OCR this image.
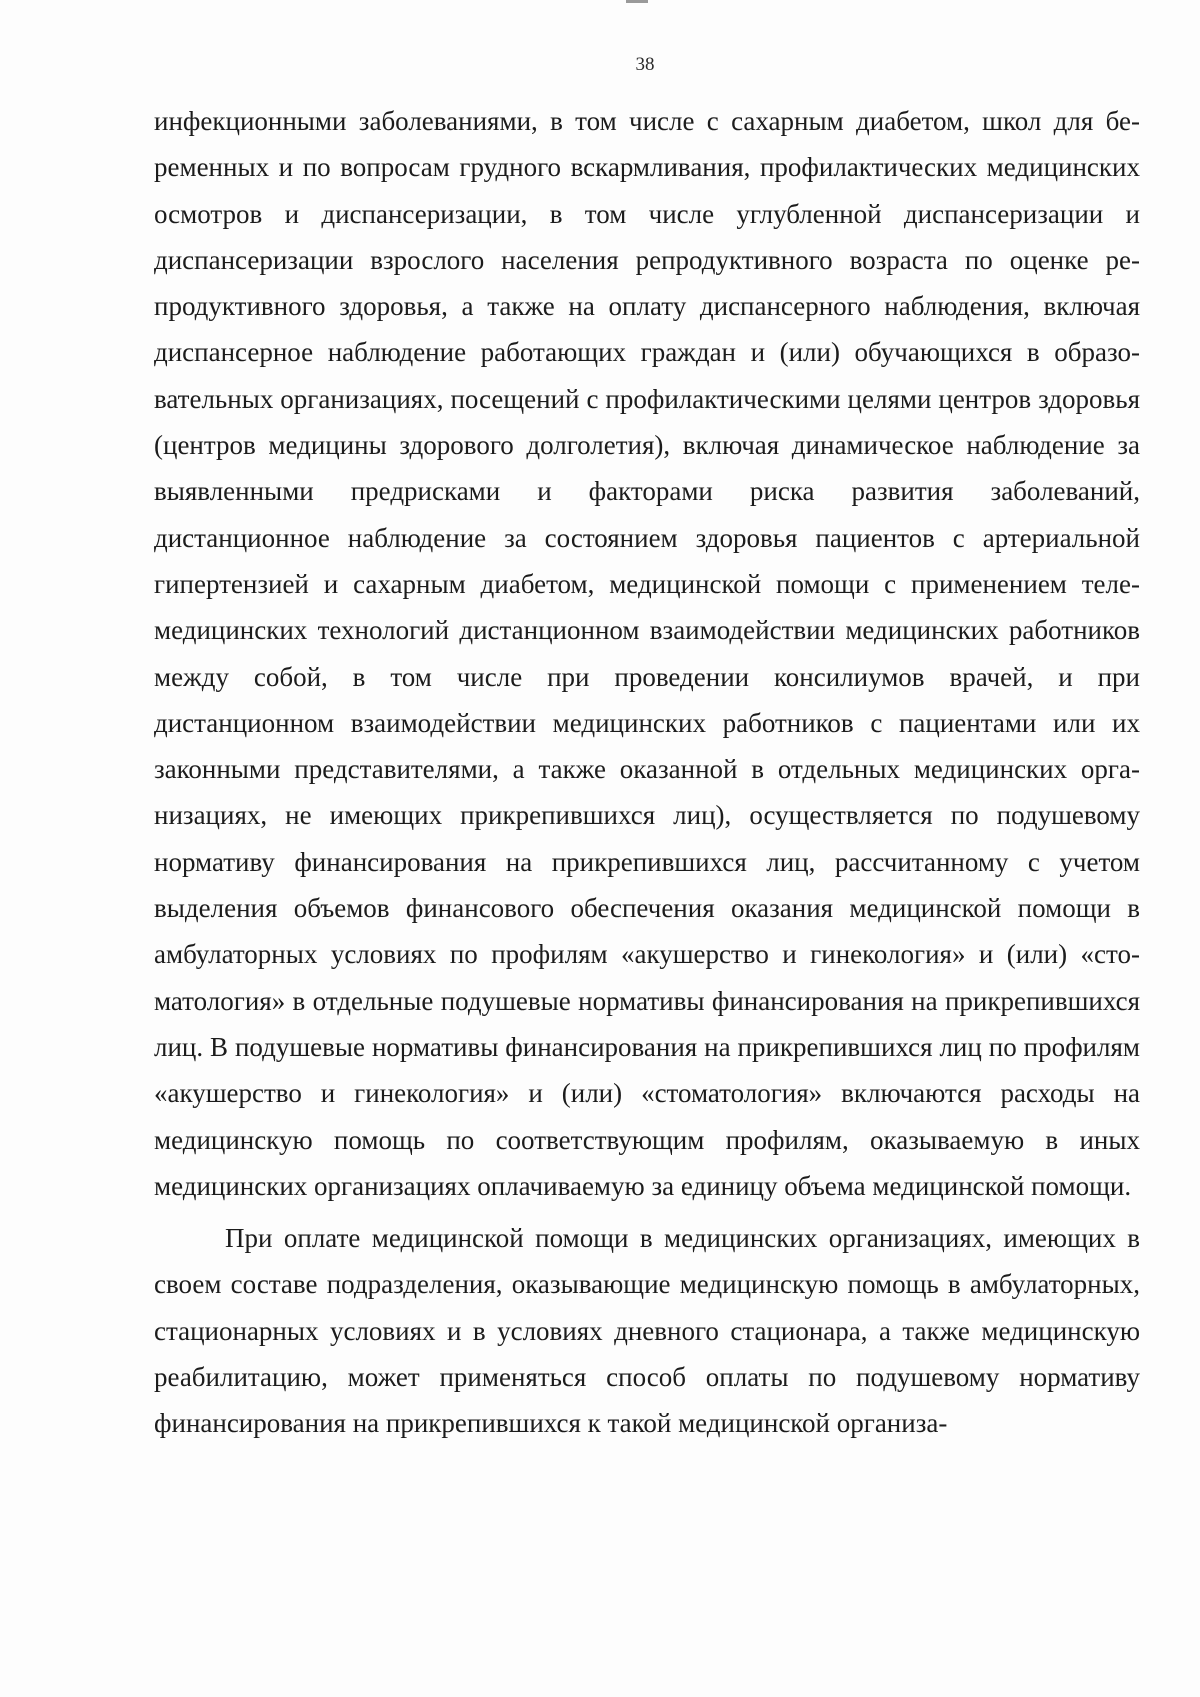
38

инфекционными заболеваниями, в том числе с сахарным диабетом, школ для беременных и по вопросам грудного вскармливания, профилактических медицинских осмотров и диспансеризации, в том числе углубленной диспансеризации и диспансеризации взрослого населения репродуктивного возраста по оценке репродуктивного здоровья, а также на оплату диспансерного наблюдения, включая диспансерное наблюдение работающих граждан и (или) обучающихся в образовательных организациях, посещений с профилактическими целями центров здоровья (центров медицины здорового долголетия), включая динамическое наблюдение за выявленными предрисками и факторами риска развития заболеваний, дистанционное наблюдение за состоянием здоровья пациентов с артериальной гипертензией и сахарным диабетом, медицинской помощи с применением телемедицинских технологий дистанционном взаимодействии медицинских работников между собой, в том числе при проведении консилиумов врачей, и при дистанционном взаимодействии медицинских работников с пациентами или их законными представителями, а также оказанной в отдельных медицинских организациях, не имеющих прикрепившихся лиц), осуществляется по подушевому нормативу финансирования на прикрепившихся лиц, рассчитанному с учетом выделения объемов финансового обеспечения оказания медицинской помощи в амбулаторных условиях по профилям «акушерство и гинекология» и (или) «стоматология» в отдельные подушевые нормативы финансирования на прикрепившихся лиц. В подушевые нормативы финансирования на прикрепившихся лиц по профилям «акушерство и гинекология» и (или) «стоматология» включаются расходы на медицинскую помощь по соответствующим профилям, оказываемую в иных медицинских организациях оплачиваемую за единицу объема медицинской помощи.

При оплате медицинской помощи в медицинских организациях, имеющих в своем составе подразделения, оказывающие медицинскую помощь в амбулаторных, стационарных условиях и в условиях дневного стационара, а также медицинскую реабилитацию, может применяться способ оплаты по подушевому нормативу финансирования на прикрепившихся к такой медицинской организа-
